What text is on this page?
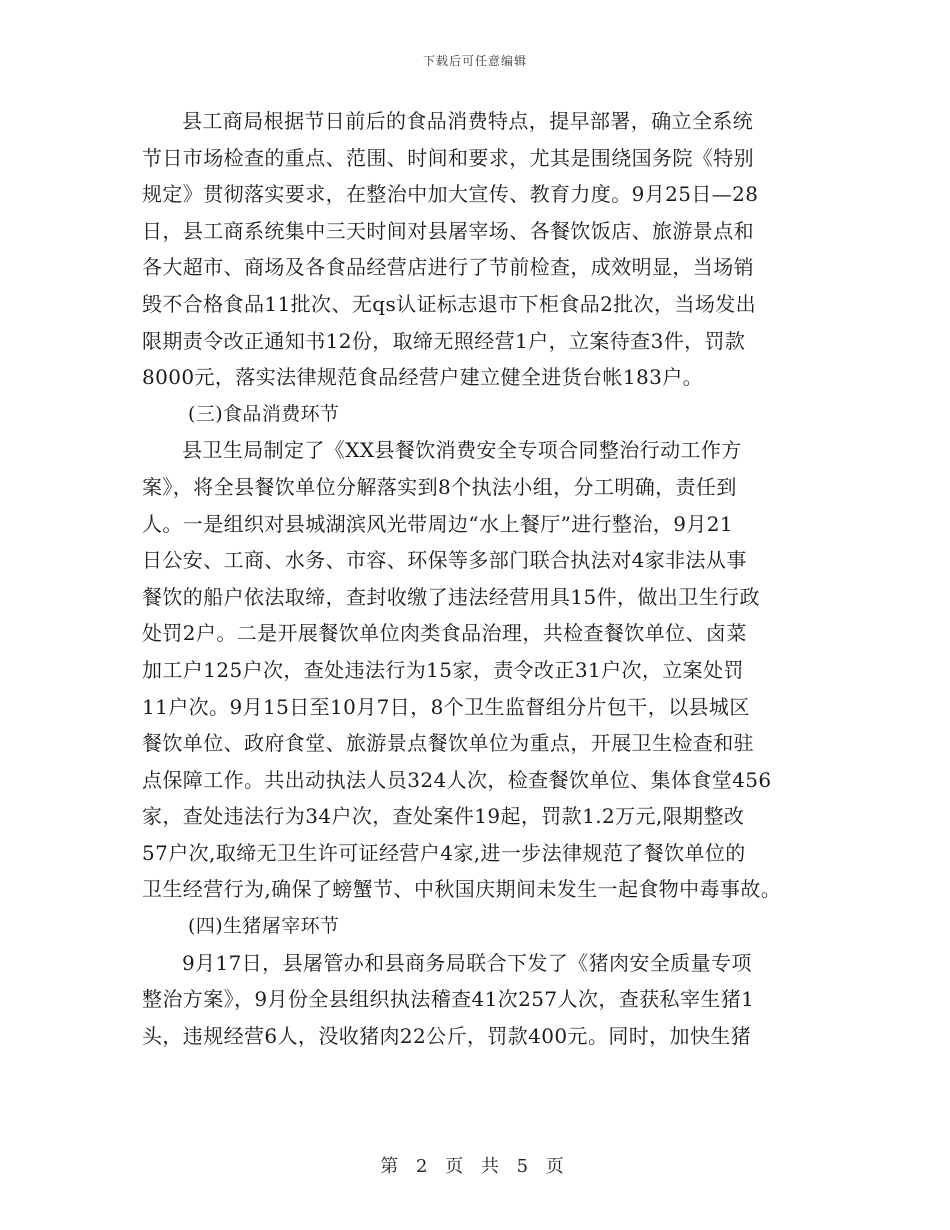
下载后可任意编辑
县工商局根据节日前后的食品消费特点，提早部署，确立全系统
节日市场检查的重点、范围、时间和要求，尤其是围绕国务院《特别
规定》贯彻落实要求，在整治中加大宣传、教育力度。9月25日—28
日，县工商系统集中三天时间对县屠宰场、各餐饮饭店、旅游景点和
各大超市、商场及各食品经营店进行了节前检查，成效明显，当场销
毁不合格食品11批次、无qs认证标志退市下柜食品2批次，当场发出
限期责令改正通知书12份，取缔无照经营1户，立案待查3件，罚款
8000元，落实法律规范食品经营户建立健全进货台帐183户。
(三)食品消费环节
县卫生局制定了《XX县餐饮消费安全专项合同整治行动工作方
案》，将全县餐饮单位分解落实到8个执法小组，分工明确，责任到
人。一是组织对县城湖滨风光带周边“水上餐厅”进行整治，9月21
日公安、工商、水务、市容、环保等多部门联合执法对4家非法从事
餐饮的船户依法取缔，查封收缴了违法经营用具15件，做出卫生行政
处罚2户。二是开展餐饮单位肉类食品治理，共检查餐饮单位、卤菜
加工户125户次，查处违法行为15家，责令改正31户次，立案处罚
11户次。9月15日至10月7日，8个卫生监督组分片包干，以县城区
餐饮单位、政府食堂、旅游景点餐饮单位为重点，开展卫生检查和驻
点保障工作。共出动执法人员324人次，检查餐饮单位、集体食堂456
家，查处违法行为34户次，查处案件19起，罚款1.2万元,限期整改
57户次,取缔无卫生许可证经营户4家,进一步法律规范了餐饮单位的
卫生经营行为,确保了螃蟹节、中秋国庆期间未发生一起食物中毒事故。
(四)生猪屠宰环节
9月17日，县屠管办和县商务局联合下发了《猪肉安全质量专项
整治方案》，9月份全县组织执法稽查41次257人次，查获私宰生猪1
头，违规经营6人，没收猪肉22公斤，罚款400元。同时，加快生猪
第 2 页 共 5 页
